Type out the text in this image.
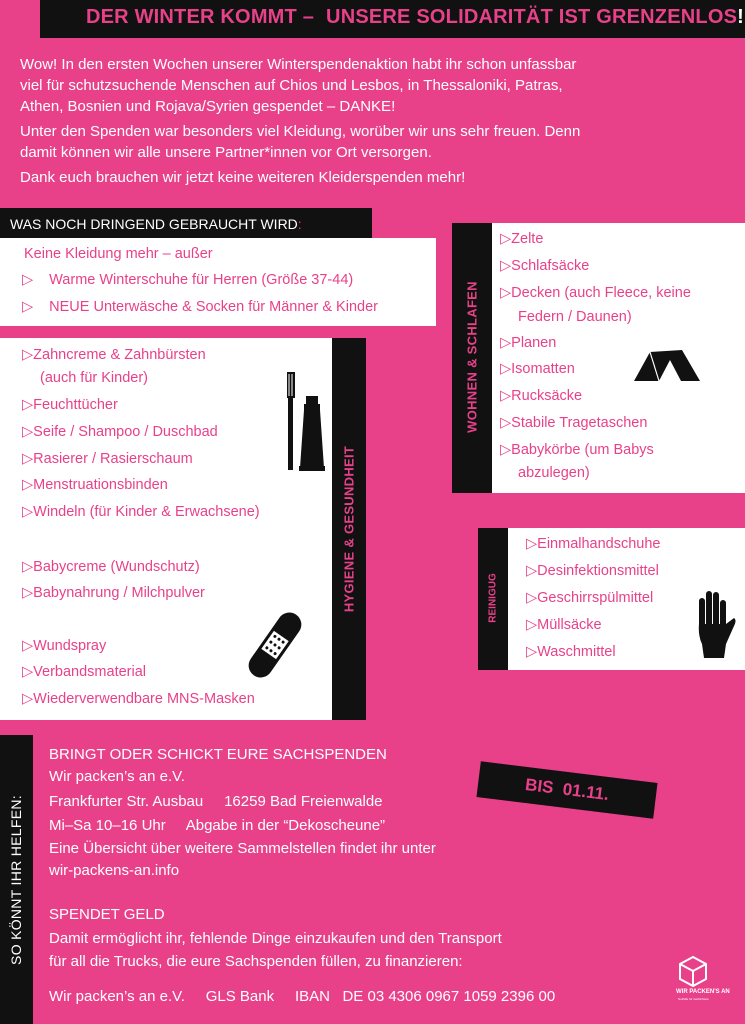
DER WINTER KOMMT – UNSERE SOLIDARITÄT IST GRENZENLOS!
Wow! In den ersten Wochen unserer Winterspendenaktion habt ihr schon unfassbar
viel für schutzsuchende Menschen auf Chios und Lesbos, in Thessaloniki, Patras,
Athen, Bosnien und Rojava/Syrien gespendet – DANKE!
Unter den Spenden war besonders viel Kleidung, worüber wir uns sehr freuen. Denn
damit können wir alle unsere Partner*innen vor Ort versorgen.
Dank euch brauchen wir jetzt keine weiteren Kleiderspenden mehr!
WAS NOCH DRINGEND GEBRAUCHT WIRD:
Keine Kleidung mehr – außer
▷ Warme Winterschuhe für Herren (Größe 37-44)
▷ NEUE Unterwäsche & Socken für Männer & Kinder
HYGIENE & GESUNDHEIT
▷Zahncreme & Zahnbürsten
(auch für Kinder)
▷Feuchttücher
▷Seife / Shampoo / Duschbad
▷Rasierer / Rasierschaum
▷Menstruationsbinden
▷Windeln (für Kinder & Erwachsene)
▷Babycreme (Wundschutz)
▷Babynahrung / Milchpulver
▷Wundspray
▷Verbandsmaterial
▷Wiederverwendbare MNS-Masken
WOHNEN & SCHLAFEN
▷Zelte
▷Schlafsäcke
▷Decken (auch Fleece, keine
Federn / Daunen)
▷Planen
▷Isomatten
▷Rucksäcke
▷Stabile Tragetaschen
▷Babykörbe (um Babys
abzulegen)
REINIGUG
▷Einmalhandschuhe
▷Desinfektionsmittel
▷Geschirrspülmittel
▷Müllsäcke
▷Waschmittel
SO KÖNNT IHR HELFEN:
BRINGT ODER SCHICKT EURE SACHSPENDEN
Wir packen’s an e.V.
Frankfurter Str. Ausbau     16259 Bad Freienwalde
Mi–Sa 10–16 Uhr     Abgabe in der “Dekoscheune”
Eine Übersicht über weitere Sammelstellen findet ihr unter
wir-packens-an.info
SPENDET GELD
Damit ermöglicht ihr, fehlende Dinge einzukaufen und den Transport
für all die Trucks, die eure Sachspenden füllen, zu finanzieren:
Wir packen’s an e.V.     GLS Bank     IBAN   DE 03 4306 0967 1059 2396 00
BIS  01.11.
WIR PACKEN'S AN
Nothilfe für Geflüchtete
